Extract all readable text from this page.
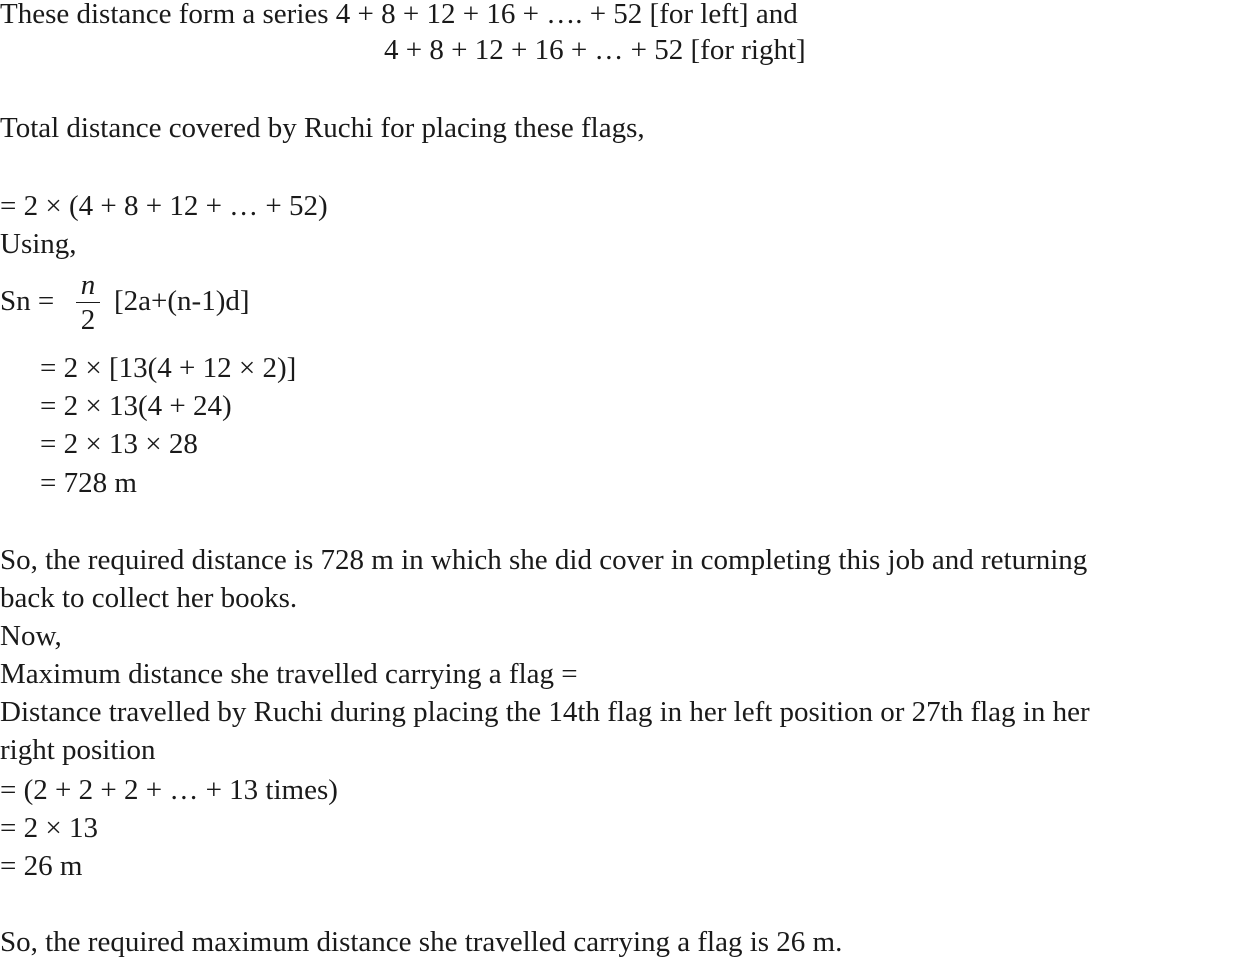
These distance form a series 4 + 8 + 12 + 16 + …. + 52 [for left] and
4 + 8 + 12 + 16 + … + 52 [for right]
Total distance covered by Ruchi for placing these flags,
= 2 × (4 + 8 + 12 + … + 52)
Using,
Sn = n
2
[2a+(n-1)d]
= 2 × [13(4 + 12 × 2)]
= 2 × 13(4 + 24)
= 2 × 13 × 28
= 728 m
So, the required distance is 728 m in which she did cover in completing this job and returning
back to collect her books.
Now,
Maximum distance she travelled carrying a flag =
Distance travelled by Ruchi during placing the 14th flag in her left position or 27th flag in her
right position
= (2 + 2 + 2 + … + 13 times)
= 2 × 13
= 26 m
So, the required maximum distance she travelled carrying a flag is 26 m.
